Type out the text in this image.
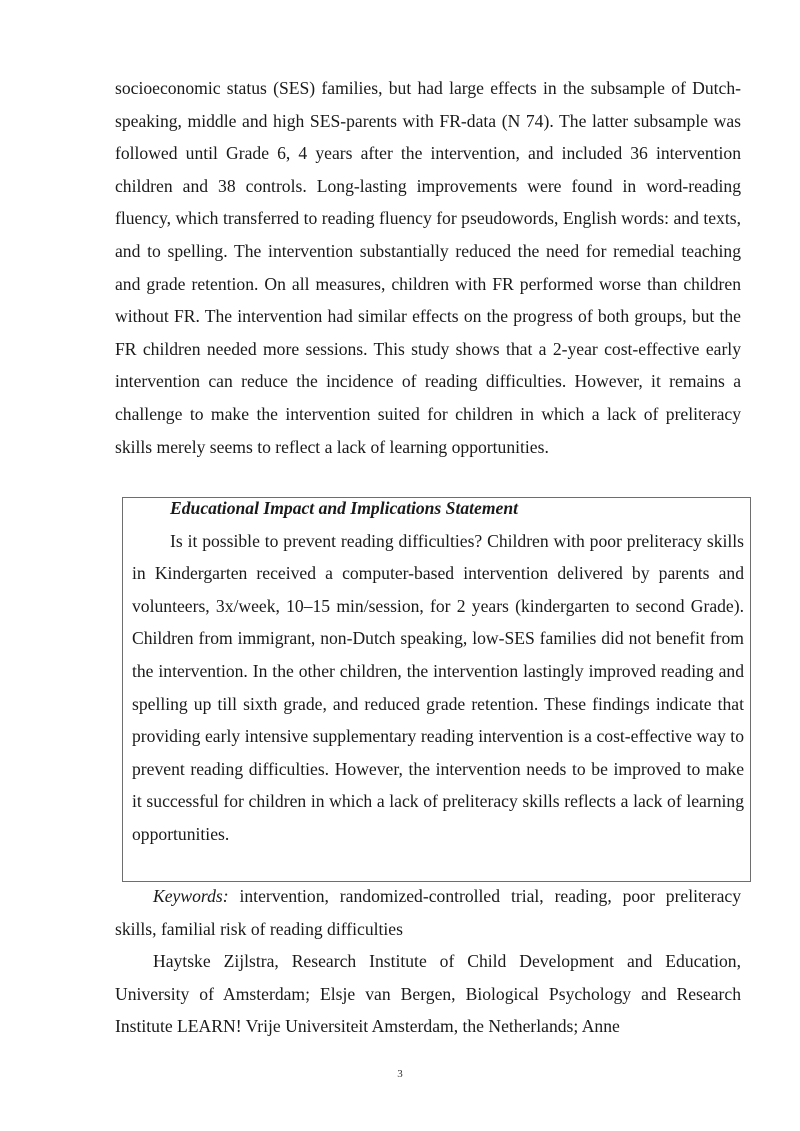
socioeconomic status (SES) families, but had large effects in the subsample of Dutch-speaking, middle and high SES-parents with FR-data (N 74). The latter subsample was followed until Grade 6, 4 years after the intervention, and included 36 intervention children and 38 controls. Long-lasting improvements were found in word-reading fluency, which transferred to reading fluency for pseudowords, English words: and texts, and to spelling. The intervention substantially reduced the need for remedial teaching and grade retention. On all measures, children with FR performed worse than children without FR. The intervention had similar effects on the progress of both groups, but the FR children needed more sessions. This study shows that a 2-year cost-effective early intervention can reduce the incidence of reading difficulties. However, it remains a challenge to make the intervention suited for children in which a lack of preliteracy skills merely seems to reflect a lack of learning opportunities.

Educational Impact and Implications Statement

Is it possible to prevent reading difficulties? Children with poor preliteracy skills in Kindergarten received a computer-based intervention delivered by parents and volunteers, 3x/week, 10–15 min/session, for 2 years (kindergarten to second Grade). Children from immigrant, non-Dutch speaking, low-SES families did not benefit from the intervention. In the other children, the intervention lastingly improved reading and spelling up till sixth grade, and reduced grade retention. These findings indicate that providing early intensive supplementary reading intervention is a cost-effective way to prevent reading difficulties. However, the intervention needs to be improved to make it successful for children in which a lack of preliteracy skills reflects a lack of learning opportunities.

Keywords: intervention, randomized-controlled trial, reading, poor preliteracy skills, familial risk of reading difficulties

Haytske Zijlstra, Research Institute of Child Development and Education, University of Amsterdam; Elsje van Bergen, Biological Psychology and Research Institute LEARN! Vrije Universiteit Amsterdam, the Netherlands; Anne

3
